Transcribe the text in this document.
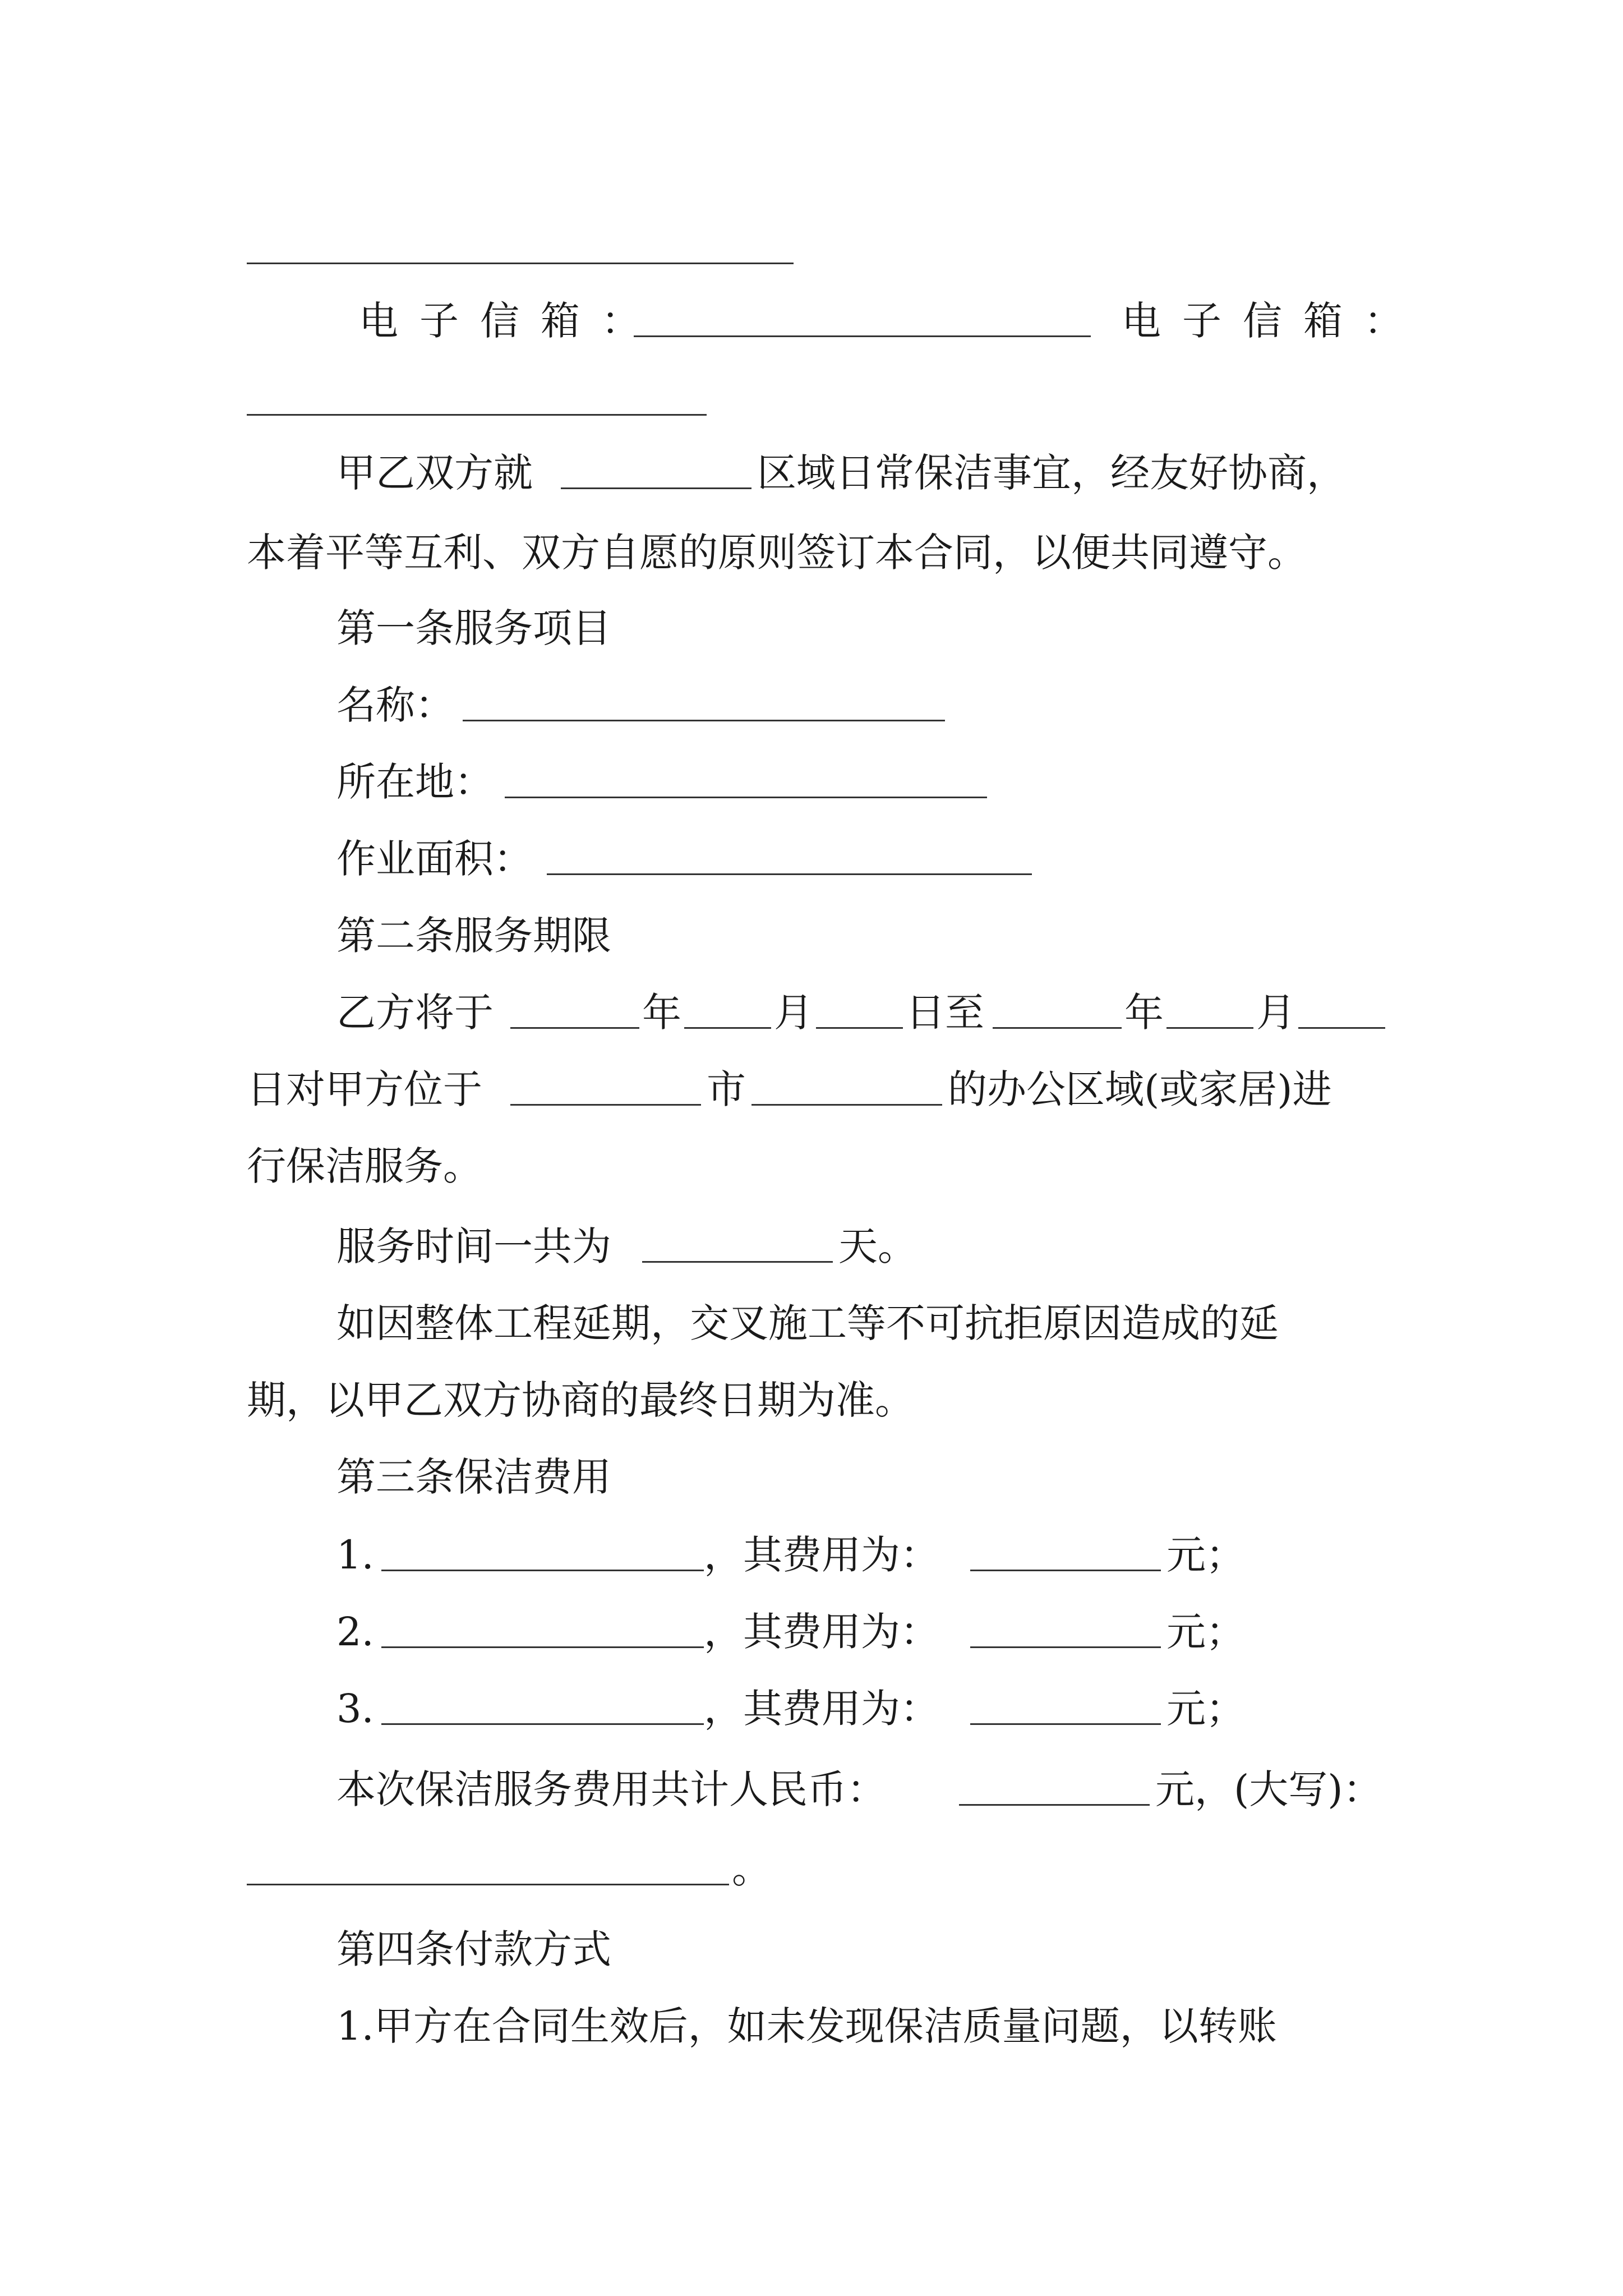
电子信箱：	电子信箱：
甲乙双方就	区域日常保洁事宜，经友好协商，
本着平等互利、双方自愿的原则签订本合同，以便共同遵守。
第一条服务项目
名称：
所在地：
作业面积：
第二条服务期限
乙方将于	年 月 日至	年 月
日对甲方位于	市	的办公区域(或家居)进
行保洁服务。
服务时间一共为	天。
如因整体工程延期，交叉施工等不可抗拒原因造成的延
期，以甲乙双方协商的最终日期为准。
第三条保洁费用
1.	，其费用为：	元；
2.	，其费用为：	元；
3.	，其费用为：	元；
本次保洁服务费用共计人民币：	元，(大写)：
。
第四条付款方式
1.甲方在合同生效后，如未发现保洁质量问题，以转账
